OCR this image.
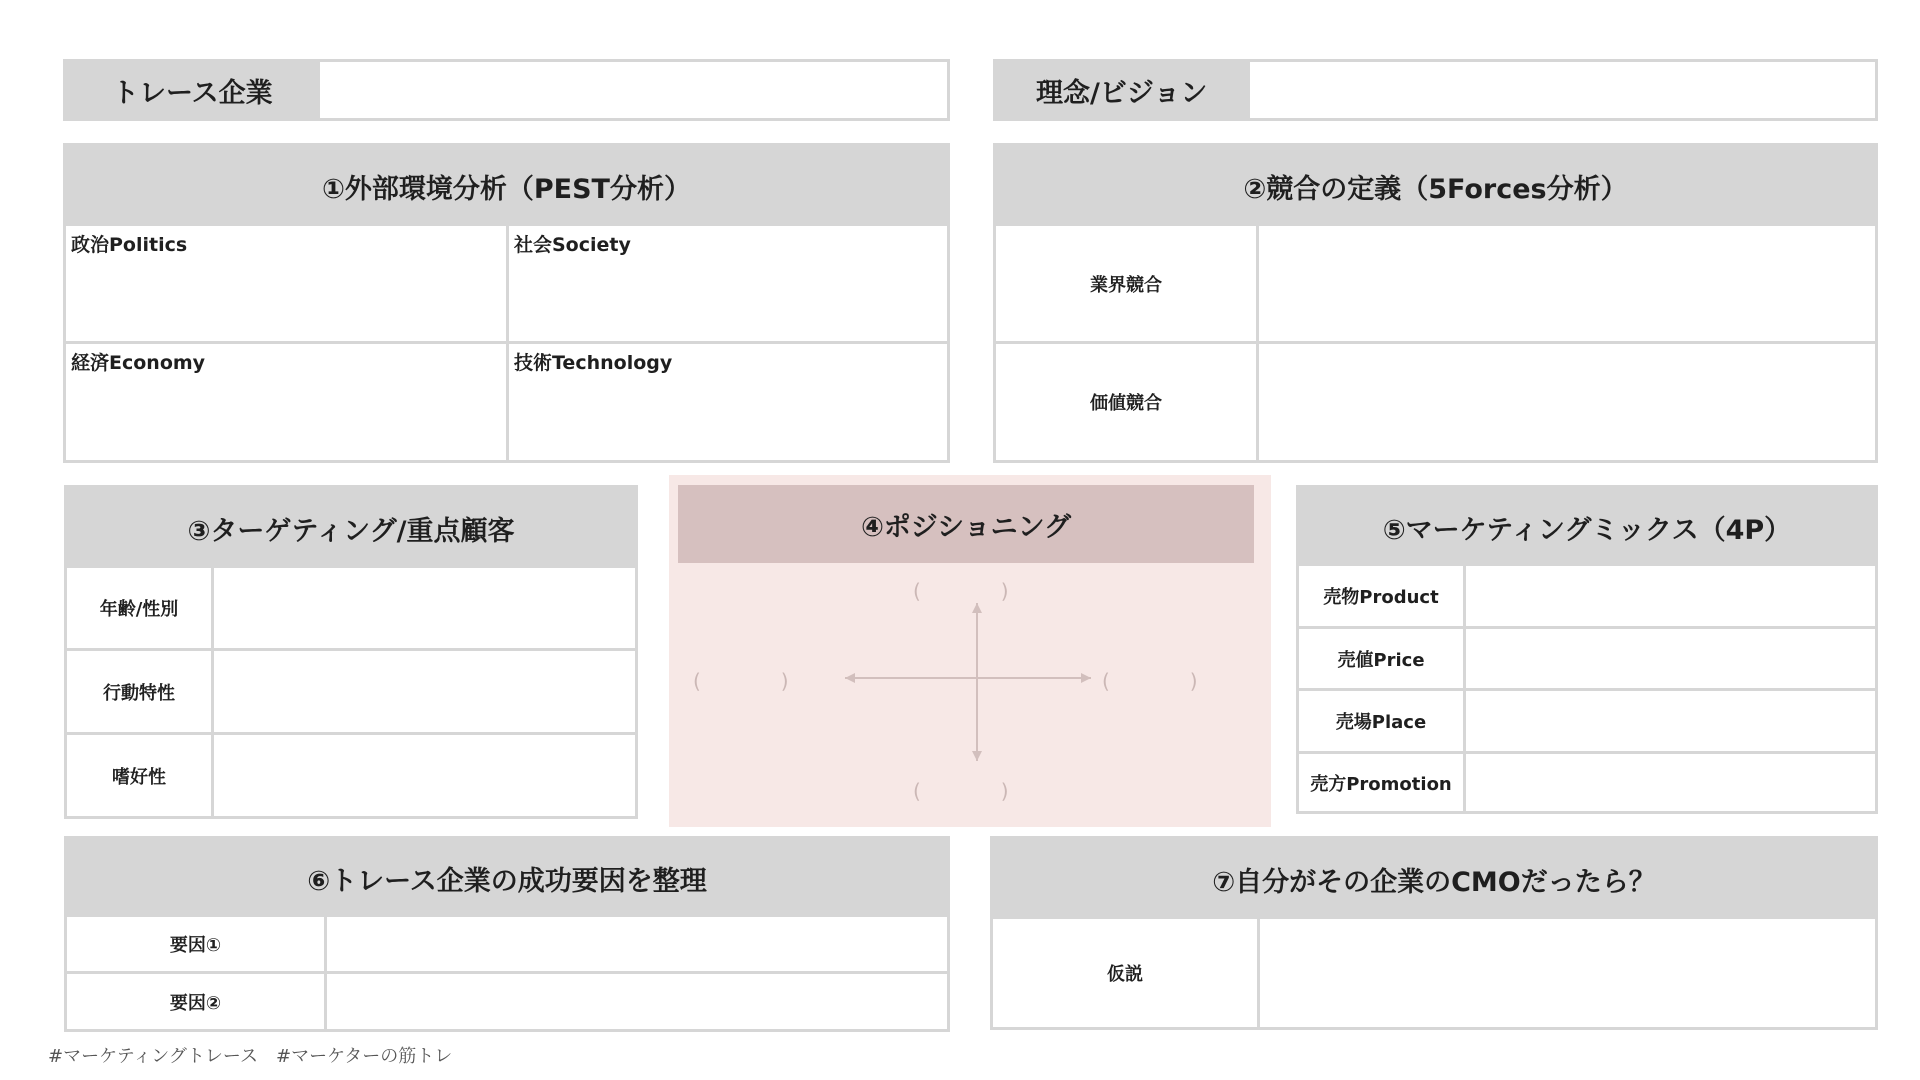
トレース企業	理念/ビジョン
①外部環境分析（PEST分析）
政治Politics	社会Society
経済Economy	技術Technology
②競合の定義（5Forces分析）
業界競合
価値競合
③ターゲティング/重点顧客
年齢/性別
行動特性
嗜好性
④ポジショニング
(　　　　)
(　　　　)
(　　　　)	(　　　　)
⑤マーケティングミックス（4P）
売物Product
売値Price
売場Place
売方Promotion
⑥トレース企業の成功要因を整理
要因①
要因②
⑦自分がその企業のCMOだったら？
仮説
#マーケティングトレース　#マーケターの筋トレ
